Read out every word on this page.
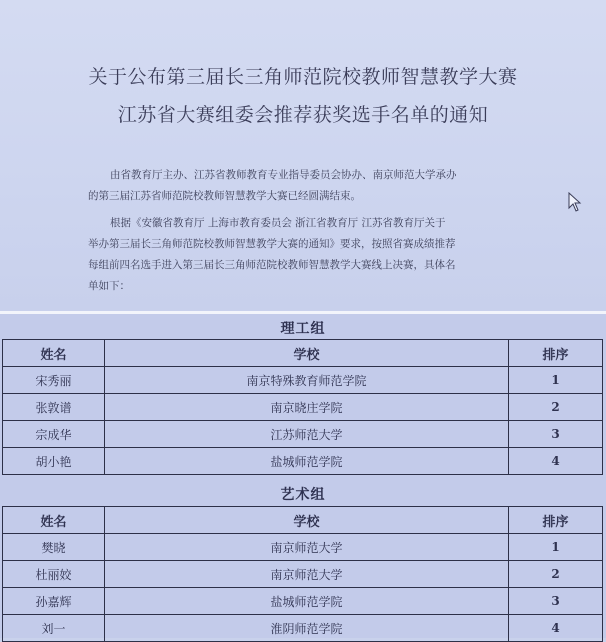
关于公布第三届长三角师范院校教师智慧教学大赛
江苏省大赛组委会推荐获奖选手名单的通知
由省教育厅主办、江苏省教师教育专业指导委员会协办、南京师范大学承办
的第三届江苏省师范院校教师智慧教学大赛已经圆满结束。
根据《安徽省教育厅 上海市教育委员会 浙江省教育厅 江苏省教育厅关于
举办第三届长三角师范院校教师智慧教学大赛的通知》要求，按照省赛成绩推荐
每组前四名选手进入第三届长三角师范院校教师智慧教学大赛线上决赛，具体名
单如下：
理工组
姓名	学校	排序
宋秀丽	南京特殊教育师范学院	1
张敦谱	南京晓庄学院	2
宗成华	江苏师范大学	3
胡小艳	盐城师范学院	4
艺术组
姓名	学校	排序
樊晓	南京师范大学	1
杜丽姣	南京师范大学	2
孙嘉辉	盐城师范学院	3
刘一	淮阴师范学院	4
